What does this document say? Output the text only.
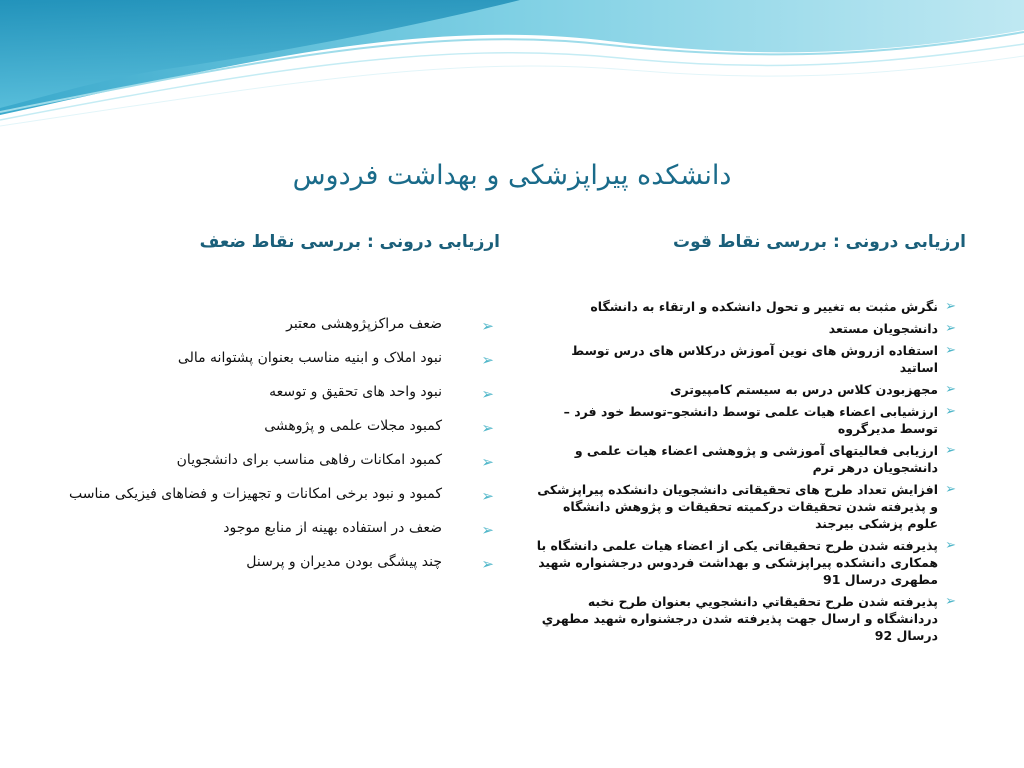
دانشکده پیراپزشکی و بهداشت فردوس
ارزیابی درونی : بررسی نقاط قوت
ارزیابی درونی : بررسی نقاط ضعف
➢
نگرش مثبت به تغییر و تحول دانشکده و ارتقاء به دانشگاه
➢
دانشجویان مستعد
➢
استفاده ازروش های نوین آموزش درکلاس های درس توسط اساتید
➢
مجهزبودن کلاس درس به سیستم کامپیوتری
➢
ارزشیابی اعضاء هیات علمی توسط دانشجو–توسط خود فرد – توسط مدیرگروه
➢
ارزیابی فعالیتهای آموزشی و پژوهشی اعضاء هیات علمی و دانشجویان درهر ترم
➢
افزایش تعداد طرح های تحقیقاتی دانشجویان دانشکده پیراپزشکی و پذیرفته شدن تحقیقات درکمیته تحقیقات و پژوهش دانشگاه علوم پزشکی بیرجند
➢
پذیرفته شدن طرح تحقیقاتی یکی از اعضاء هیات علمی دانشگاه با همکاری دانشکده پیراپزشکی و بهداشت فردوس درجشنواره شهید مطهری درسال 91
➢
پذیرفته شدن طرح تحقیقاتي دانشجويي بعنوان طرح نخبه دردانشگاه و ارسال جهت پذيرفته شدن درجشنواره شهيد مطهري درسال 92
➢
ضعف مراکزپژوهشی معتبر
➢
نبود املاک و ابنیه مناسب بعنوان پشتوانه مالی
➢
نبود واحد های تحقیق و توسعه
➢
کمبود مجلات علمی و پژوهشی
➢
کمبود امکانات رفاهی مناسب برای دانشجویان
➢
کمبود و نبود برخی امکانات و تجهیزات و فضاهای فیزیکی مناسب
➢
ضعف در استفاده بهینه از منابع موجود
➢
چند پیشگی بودن مدیران و پرسنل
